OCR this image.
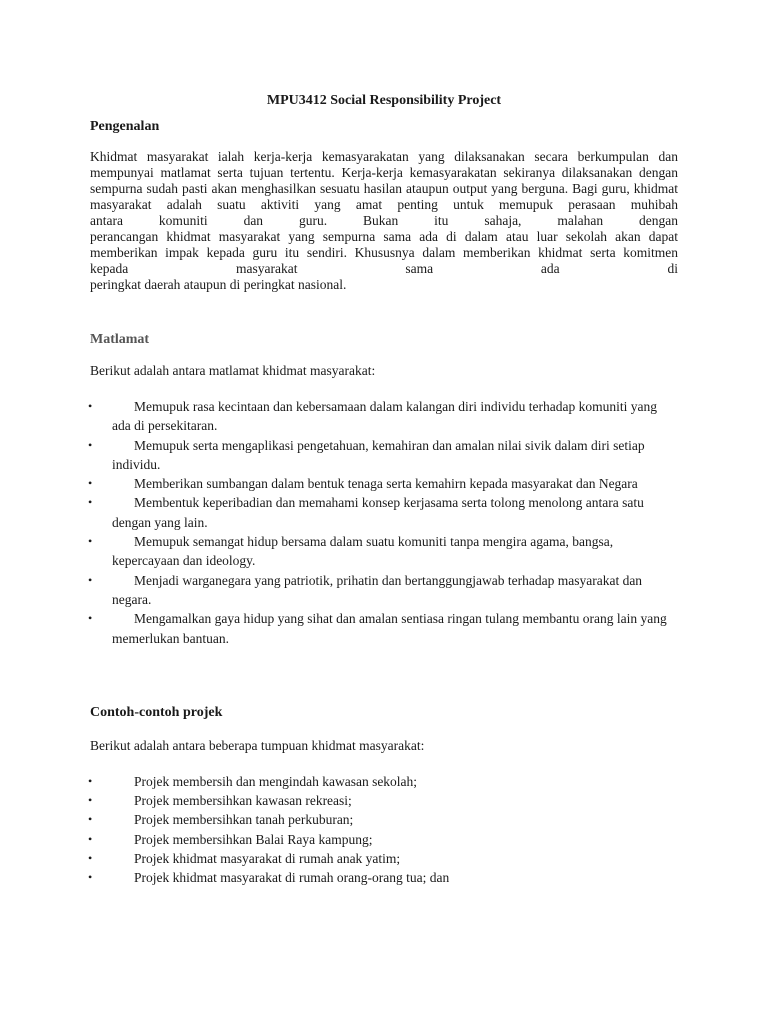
MPU3412 Social Responsibility Project
Pengenalan

Khidmat masyarakat ialah kerja-kerja kemasyarakatan yang dilaksanakan secara berkumpulan dan mempunyai matlamat serta tujuan tertentu. Kerja-kerja kemasyarakatan sekiranya dilaksanakan dengan sempurna sudah pasti akan menghasilkan sesuatu hasilan ataupun output yang berguna. Bagi guru, khidmat masyarakat adalah suatu aktiviti yang amat penting untuk memupuk perasaan muhibah

antara	komuniti	dan	guru.	Bukan	itu	sahaja,	malahan	dengan

perancangan khidmat masyarakat yang sempurna sama ada di dalam atau luar sekolah akan dapat memberikan impak kepada guru itu sendiri. Khususnya dalam memberikan khidmat serta komitmen

kepada	masyarakat	sama	ada	di

peringkat daerah ataupun di peringkat nasional.

Matlamat

Berikut adalah antara matlamat khidmat masyarakat:

•	Memupuk rasa kecintaan dan kebersamaan dalam kalangan diri individu terhadap komuniti yang ada di persekitaran.
•	Memupuk serta mengaplikasi pengetahuan, kemahiran dan amalan nilai sivik dalam diri setiap individu.
•	Memberikan sumbangan dalam bentuk tenaga serta kemahirn kepada masyarakat dan Negara
•	Membentuk keperibadian dan memahami konsep kerjasama serta tolong menolong antara satu dengan yang lain.
•	Memupuk semangat hidup bersama dalam suatu komuniti tanpa mengira agama, bangsa, kepercayaan dan ideology.
•	Menjadi warganegara yang patriotik, prihatin dan bertanggungjawab terhadap masyarakat dan negara.
•	Mengamalkan gaya hidup yang sihat dan amalan sentiasa ringan tulang membantu orang lain yang memerlukan bantuan.
Contoh-contoh projek

Berikut adalah antara beberapa tumpuan khidmat masyarakat:

•	Projek membersih dan mengindah kawasan sekolah;
•	Projek membersihkan kawasan rekreasi;
•	Projek membersihkan tanah perkuburan;
•	Projek membersihkan Balai Raya kampung;
•	Projek khidmat masyarakat di rumah anak yatim;
•	Projek khidmat masyarakat di rumah orang-orang tua; dan
